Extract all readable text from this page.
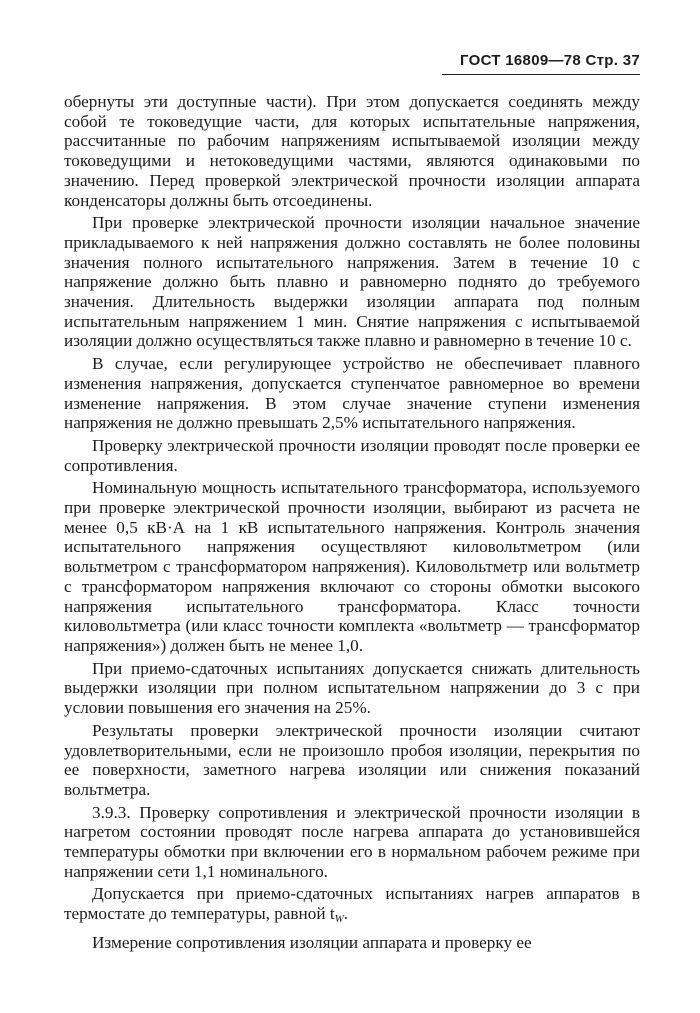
ГОСТ 16809—78 Стр. 37

обернуты эти доступные части). При этом допускается соединять между собой те токоведущие части, для которых испытательные напряжения, рассчитанные по рабочим напряжениям испытываемой изоляции между токоведущими и нетоковедущими частями, являются одинаковыми по значению. Перед проверкой электрической прочности изоляции аппарата конденсаторы должны быть отсоединены.

При проверке электрической прочности изоляции начальное значение прикладываемого к ней напряжения должно составлять не более половины значения полного испытательного напряжения. Затем в течение 10 с напряжение должно быть плавно и равномерно поднято до требуемого значения. Длительность выдержки изоляции аппарата под полным испытательным напряжением 1 мин. Снятие напряжения с испытываемой изоляции должно осуществляться также плавно и равномерно в течение 10 с.

В случае, если регулирующее устройство не обеспечивает плавного изменения напряжения, допускается ступенчатое равномерное во времени изменение напряжения. В этом случае значение ступени изменения напряжения не должно превышать 2,5% испытательного напряжения.

Проверку электрической прочности изоляции проводят после проверки ее сопротивления.

Номинальную мощность испытательного трансформатора, используемого при проверке электрической прочности изоляции, выбирают из расчета не менее 0,5 кВ·А на 1 кВ испытательного напряжения. Контроль значения испытательного напряжения осуществляют киловольтметром (или вольтметром с трансформатором напряжения). Киловольтметр или вольтметр с трансформатором напряжения включают со стороны обмотки высокого напряжения испытательного трансформатора. Класс точности киловольтметра (или класс точности комплекта «вольтметр — трансформатор напряжения») должен быть не менее 1,0.

При приемо-сдаточных испытаниях допускается снижать длительность выдержки изоляции при полном испытательном напряжении до 3 с при условии повышения его значения на 25%.

Результаты проверки электрической прочности изоляции считают удовлетворительными, если не произошло пробоя изоляции, перекрытия по ее поверхности, заметного нагрева изоляции или снижения показаний вольтметра.

3.9.3. Проверку сопротивления и электрической прочности изоляции в нагретом состоянии проводят после нагрева аппарата до установившейся температуры обмотки при включении его в нормальном рабочем режиме при напряжении сети 1,1 номинального.

Допускается при приемо-сдаточных испытаниях нагрев аппаратов в термостате до температуры, равной $t_W$.

Измерение сопротивления изоляции аппарата и проверку ее
